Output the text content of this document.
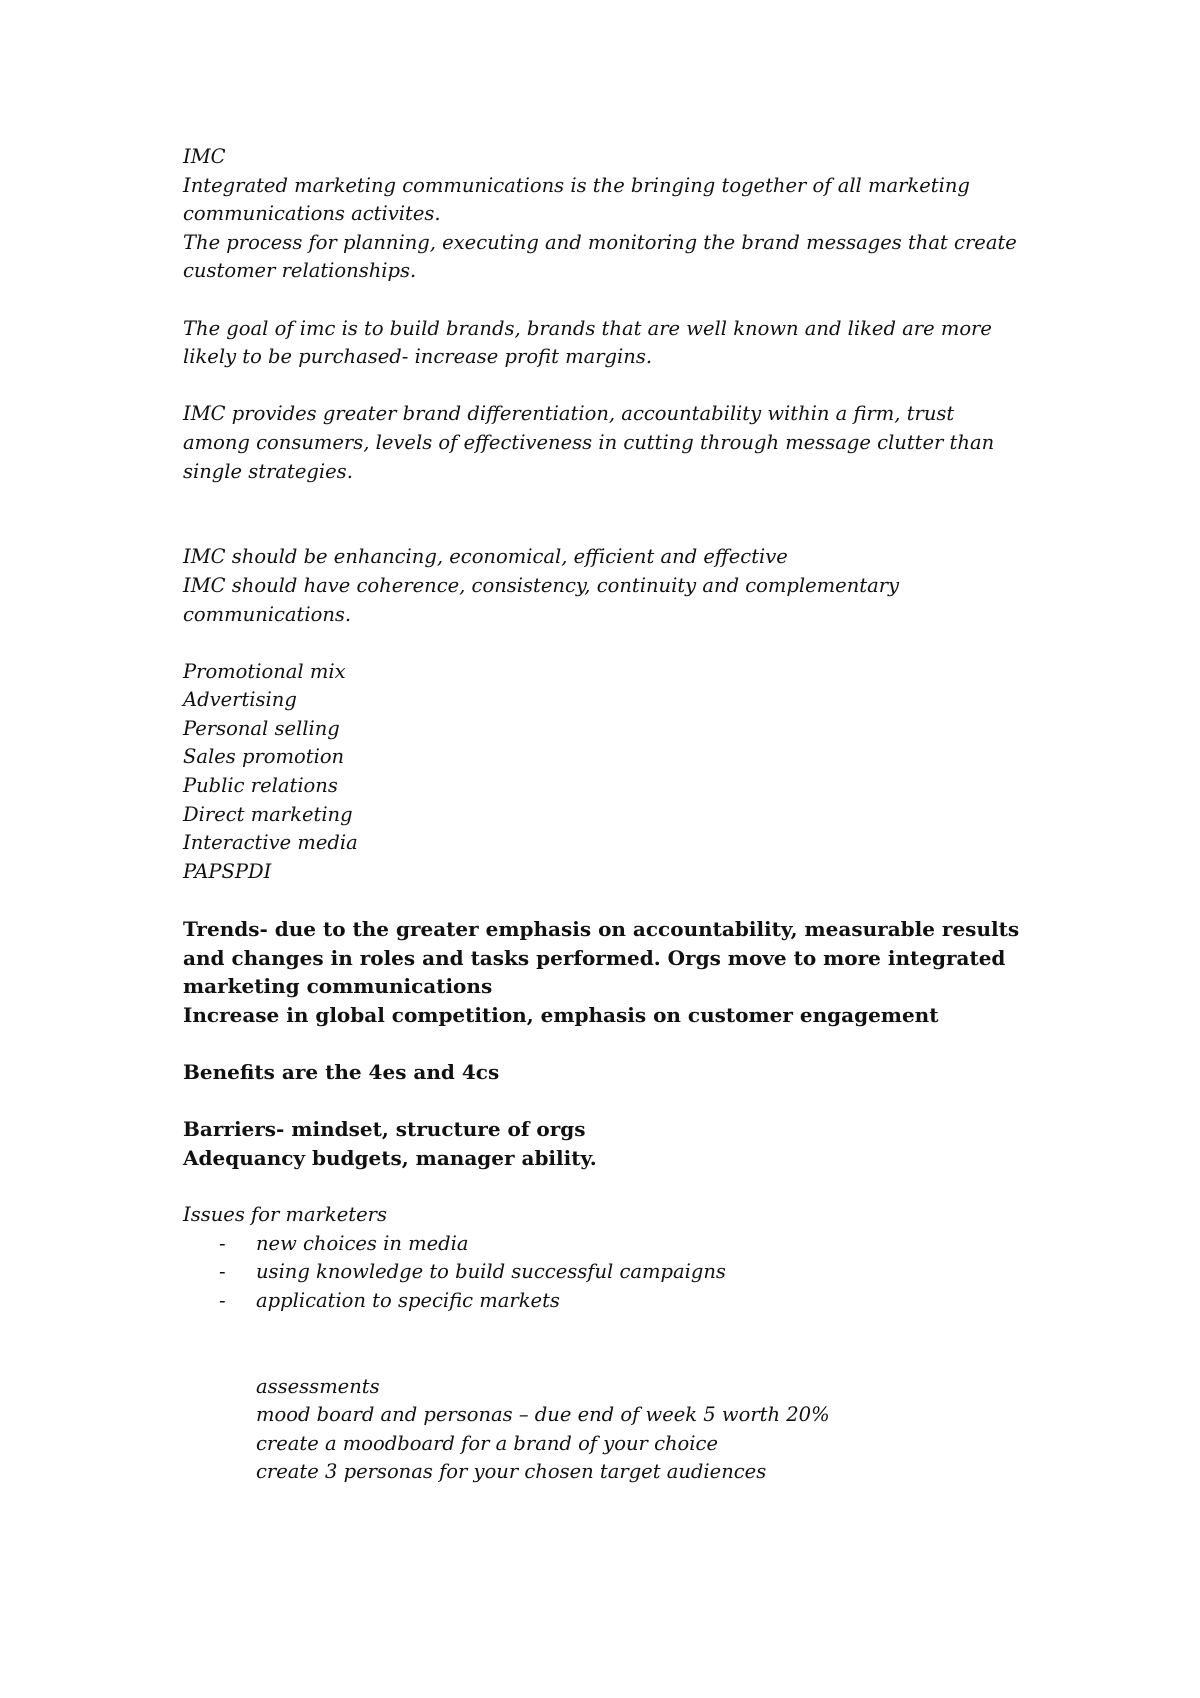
IMC
Integrated marketing communications is the bringing together of all marketing
communications activites.
The process for planning, executing and monitoring the brand messages that create
customer relationships.
The goal of imc is to build brands, brands that are well known and liked are more
likely to be purchased- increase profit margins.
IMC provides greater brand differentiation, accountability within a firm, trust
among consumers, levels of effectiveness in cutting through message clutter than
single strategies.
IMC should be enhancing, economical, efficient and effective
IMC should have coherence, consistency, continuity and complementary
communications.
Promotional mix
Advertising
Personal selling
Sales promotion
Public relations
Direct marketing
Interactive media
PAPSPDI
Trends- due to the greater emphasis on accountability, measurable results
and changes in roles and tasks performed. Orgs move to more integrated
marketing communications
Increase in global competition, emphasis on customer engagement
Benefits are the 4es and 4cs
Barriers- mindset, structure of orgs
Adequancy budgets, manager ability.
Issues for marketers
- new choices in media
- using knowledge to build successful campaigns
- application to specific markets
assessments
mood board and personas – due end of week 5 worth 20%
create a moodboard for a brand of your choice
create 3 personas for your chosen target audiences
